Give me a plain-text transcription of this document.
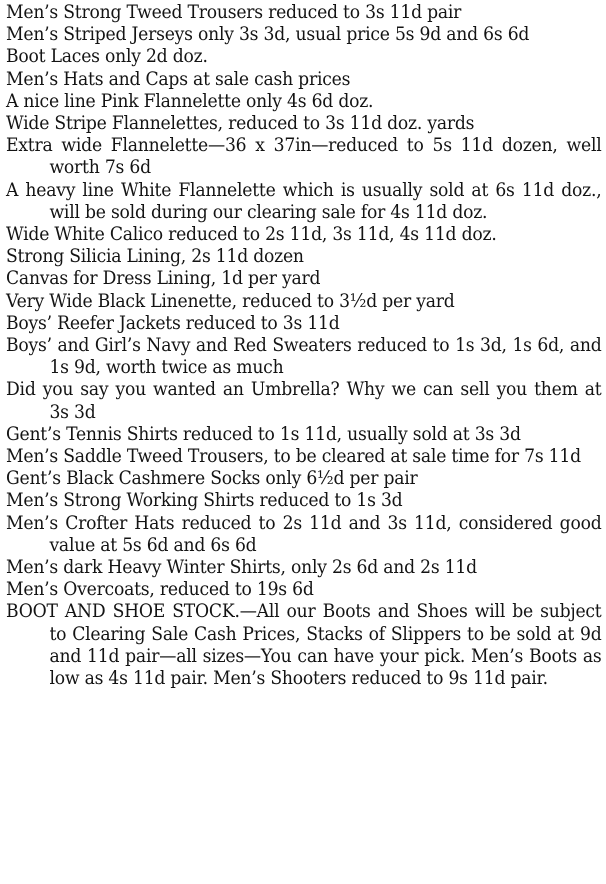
Men’s Strong Tweed Trousers reduced to 3s 11d pair

Men’s Striped Jerseys only 3s 3d, usual price 5s 9d and 6s 6d

Boot Laces only 2d doz.

Men’s Hats and Caps at sale cash prices

A nice line Pink Flannelette only 4s 6d doz.

Wide Stripe Flannelettes, reduced to 3s 11d doz. yards

Extra wide Flannelette—36 x 37in—reduced to 5s 11d dozen, well worth 7s 6d

A heavy line White Flannelette which is usually sold at 6s 11d doz., will be sold during our clearing sale for 4s 11d doz.

Wide White Calico reduced to 2s 11d, 3s 11d, 4s 11d doz.

Strong Silicia Lining, 2s 11d dozen

Canvas for Dress Lining, 1d per yard

Very Wide Black Linenette, reduced to 3½d per yard

Boys’ Reefer Jackets reduced to 3s 11d

Boys’ and Girl’s Navy and Red Sweaters reduced to 1s 3d, 1s 6d, and 1s 9d, worth twice as much

Did you say you wanted an Umbrella? Why we can sell you them at 3s 3d

Gent’s Tennis Shirts reduced to 1s 11d, usually sold at 3s 3d

Men’s Saddle Tweed Trousers, to be cleared at sale time for 7s 11d

Gent’s Black Cashmere Socks only 6½d per pair

Men’s Strong Working Shirts reduced to 1s 3d

Men’s Crofter Hats reduced to 2s 11d and 3s 11d, considered good value at 5s 6d and 6s 6d

Men’s dark Heavy Winter Shirts, only 2s 6d and 2s 11d

Men’s Overcoats, reduced to 19s 6d

BOOT AND SHOE STOCK.—All our Boots and Shoes will be subject to Clearing Sale Cash Prices, Stacks of Slippers to be sold at 9d and 11d pair—all sizes—You can have your pick. Men’s Boots as low as 4s 11d pair. Men’s Shooters reduced to 9s 11d pair.
